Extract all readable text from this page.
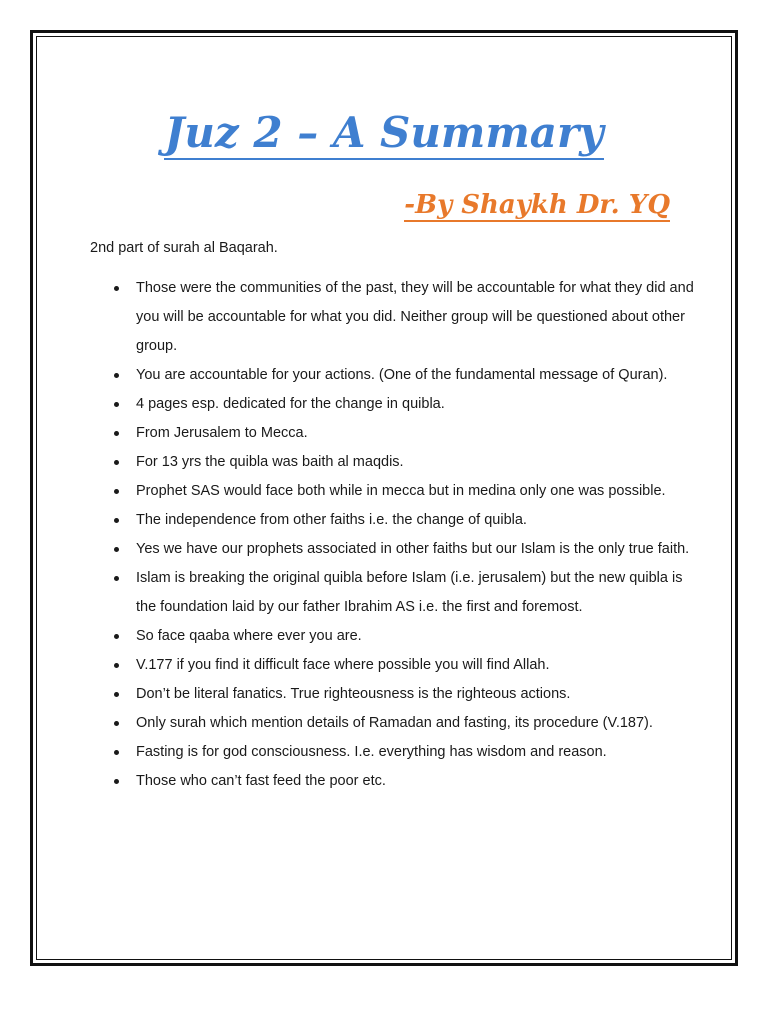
Juz 2 – A Summary

-By Shaykh Dr. YQ

2nd part of surah al Baqarah.

Those were the communities of the past, they will be accountable for what they did and you will be accountable for what you did. Neither group will be questioned about other group.
You are accountable for your actions. (One of the fundamental message of Quran).
4 pages esp. dedicated for the change in quibla.
From Jerusalem to Mecca.
For 13 yrs the quibla was baith al maqdis.
Prophet SAS would face both while in mecca but in medina only one was possible.
The independence from other faiths i.e. the change of quibla.
Yes we have our prophets associated in other faiths but our Islam is the only true faith.
Islam is breaking the original quibla before Islam (i.e. jerusalem) but the new quibla is the foundation laid by our father Ibrahim AS i.e. the first and foremost.
So face qaaba where ever you are.
V.177 if you find it difficult face where possible you will find Allah.
Don’t be literal fanatics. True righteousness is the righteous actions.
Only surah which mention details of Ramadan and fasting, its procedure (V.187).
Fasting is for god consciousness. I.e. everything has wisdom and reason.
Those who can’t fast feed the poor etc.
